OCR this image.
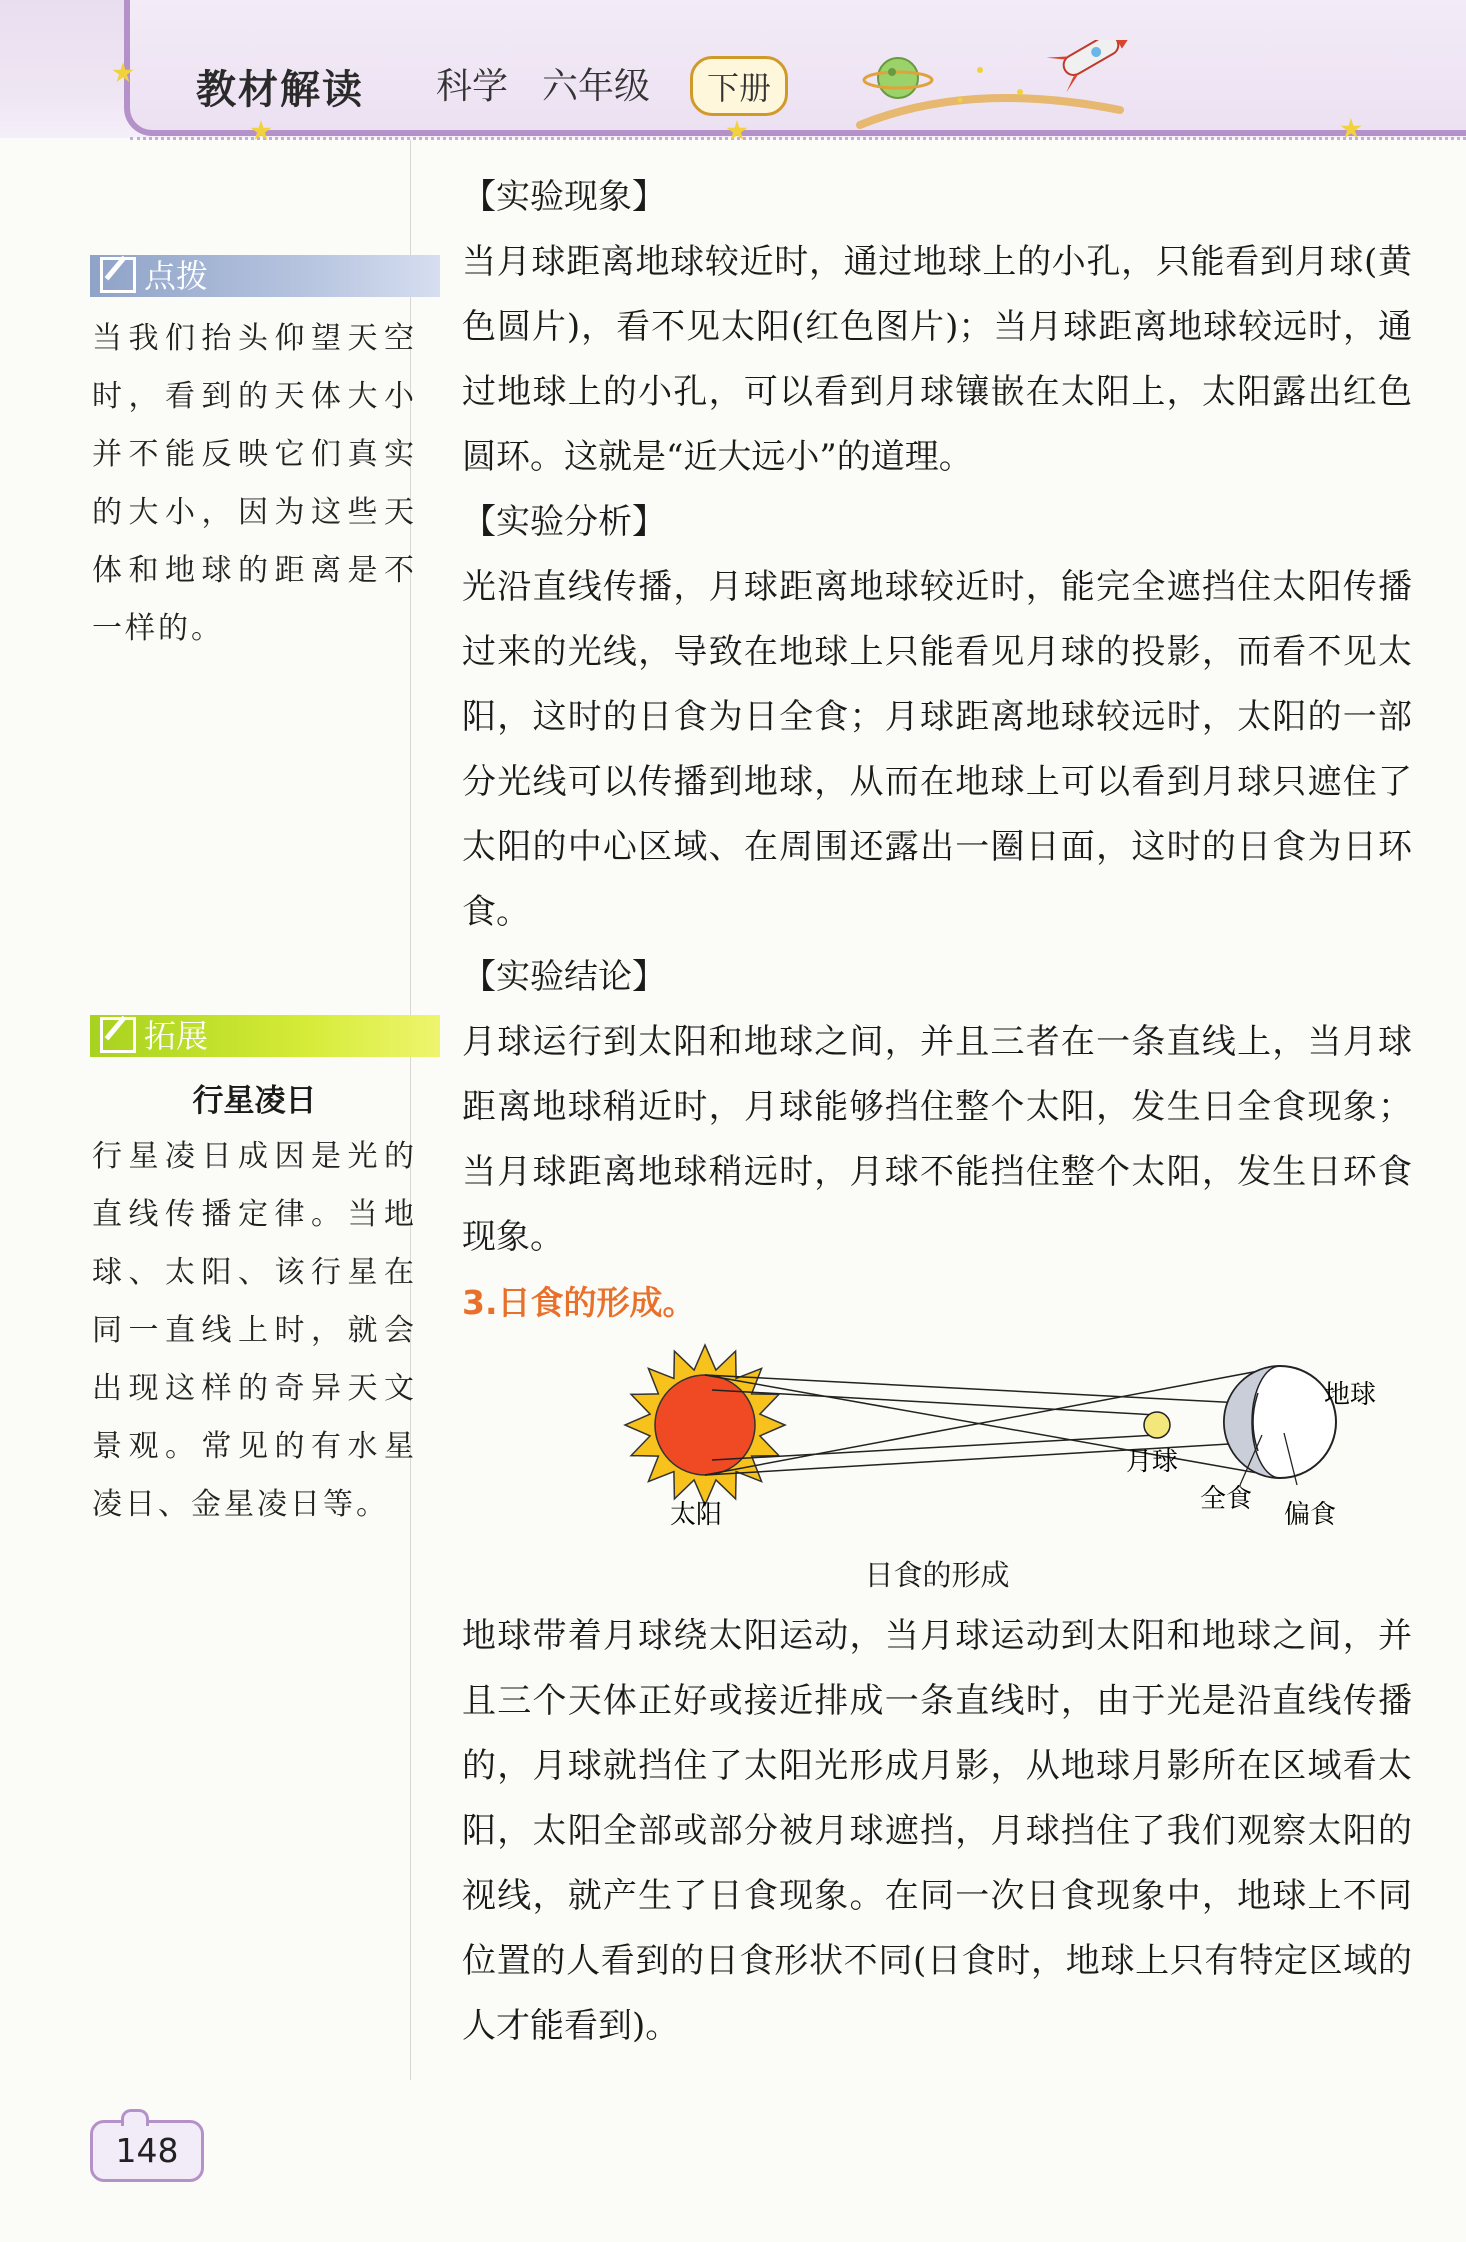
教材解读 科学 六年级	下册
点拨
当我们抬头仰望天空时，看到的天体大小并不能反映它们真实的大小，因为这些天体和地球的距离是不一样的。
拓展
行星凌日
行星凌日成因是光的直线传播定律。当地球、太阳、该行星在同一直线上时，就会出现这样的奇异天文景观。常见的有水星凌日、金星凌日等。

【实验现象】

当月球距离地球较近时，通过地球上的小孔，只能看到月球(黄色圆片)，看不见太阳(红色图片)；当月球距离地球较远时，通过地球上的小孔，可以看到月球镶嵌在太阳上，太阳露出红色圆环。这就是“近大远小”的道理。

【实验分析】

光沿直线传播，月球距离地球较近时，能完全遮挡住太阳传播过来的光线，导致在地球上只能看见月球的投影，而看不见太阳，这时的日食为日全食；月球距离地球较远时，太阳的一部分光线可以传播到地球，从而在地球上可以看到月球只遮住了太阳的中心区域、在周围还露出一圈日面，这时的日食为日环食。

【实验结论】

月球运行到太阳和地球之间，并且三者在一条直线上，当月球距离地球稍近时，月球能够挡住整个太阳，发生日全食现象；当月球距离地球稍远时，月球不能挡住整个太阳，发生日环食现象。

3.日食的形成。

地球
月球
全食
偏食
太阳

日食的形成

地球带着月球绕太阳运动，当月球运动到太阳和地球之间，并且三个天体正好或接近排成一条直线时，由于光是沿直线传播的，月球就挡住了太阳光形成月影，从地球月影所在区域看太阳，太阳全部或部分被月球遮挡，月球挡住了我们观察太阳的视线，就产生了日食现象。在同一次日食现象中，地球上不同位置的人看到的日食形状不同(日食时，地球上只有特定区域的人才能看到)。

148
